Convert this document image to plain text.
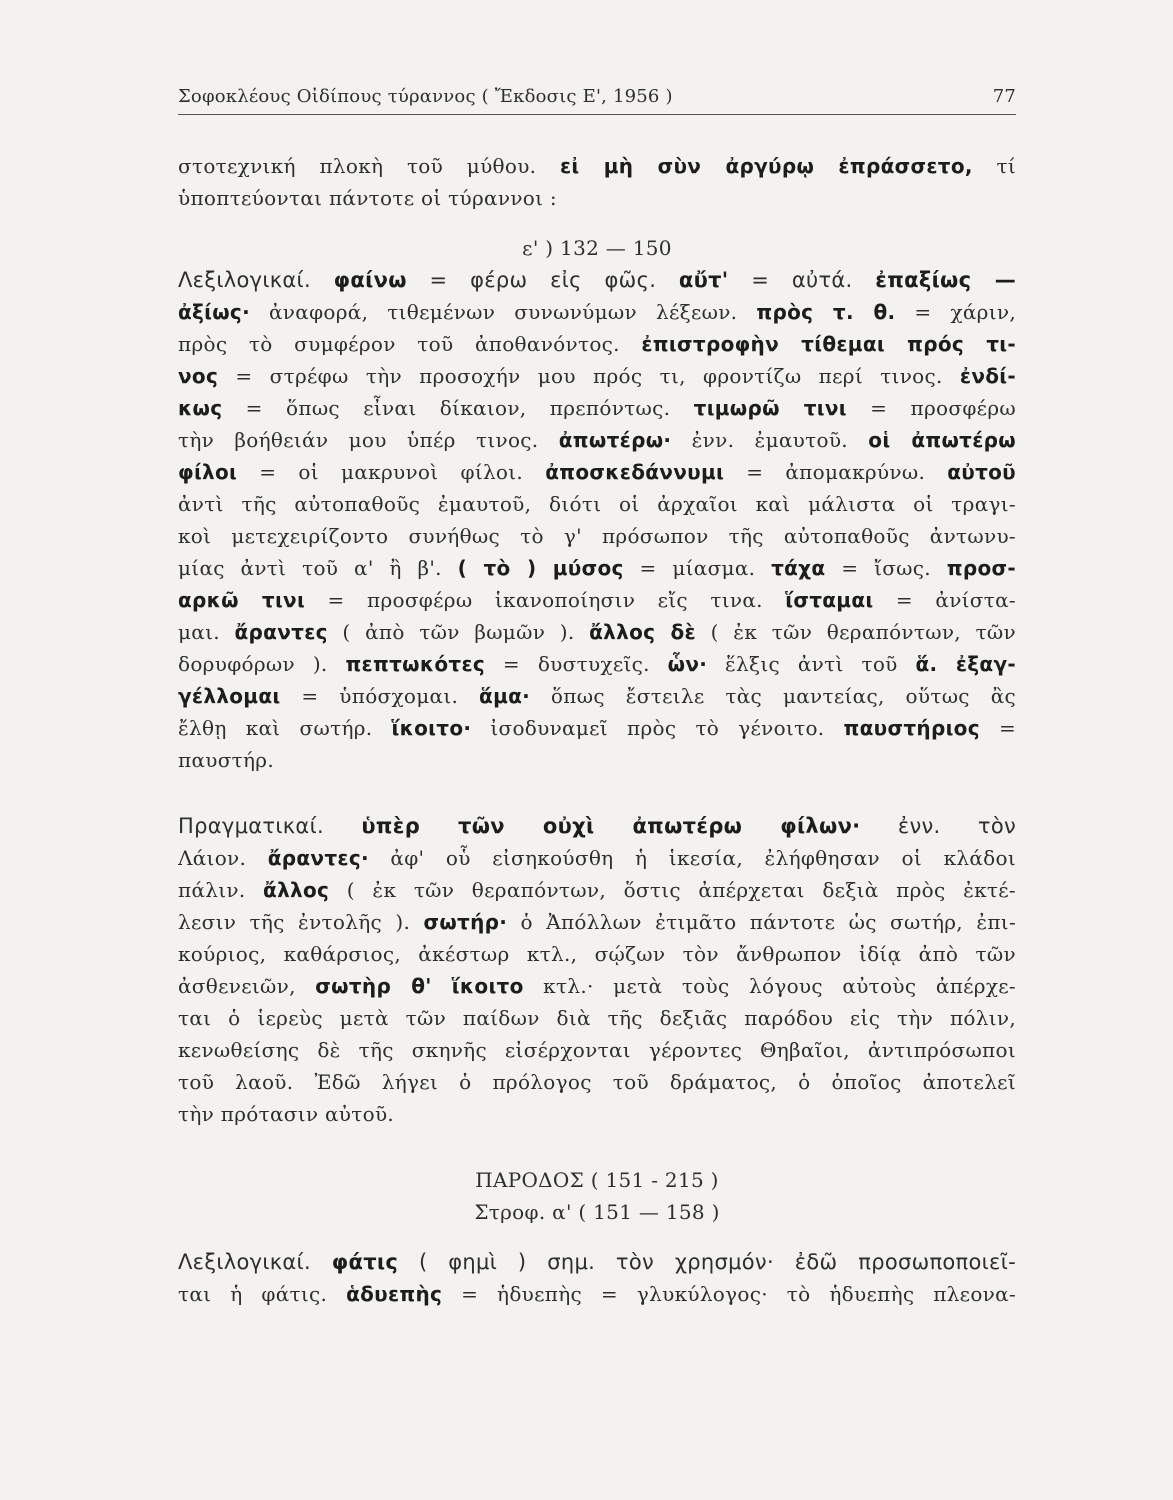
Σοφοκλέους Οἰδίπους τύραννος ( Ἔκδοσις Ε', 1956 )	77
στοτεχνική πλοκὴ τοῦ μύθου. εἰ μὴ σὺν ἀργύρῳ ἐπράσσετο, τί
ὑποπτεύονται πάντοτε οἱ τύραννοι :
ε' ) 132 — 150
Λεξιλογικαί. φαίνω = φέρω εἰς φῶς. αὔτ' = αὐτά. ἐπαξίως —
ἀξίως· ἀναφορά, τιθεμένων συνωνύμων λέξεων. πρὸς τ. θ. = χάριν,
πρὸς τὸ συμφέρον τοῦ ἀποθανόντος. ἐπιστροφὴν τίθεμαι πρός τι-
νος = στρέφω τὴν προσοχήν μου πρός τι, φροντίζω περί τινος. ἐνδί-
κως = ὅπως εἶναι δίκαιον, πρεπόντως. τιμωρῶ τινι = προσφέρω
τὴν βοήθειάν μου ὑπέρ τινος. ἀπωτέρω· ἐνν. ἐμαυτοῦ. οἱ ἀπωτέρω
φίλοι = οἱ μακρυνοὶ φίλοι. ἀποσκεδάννυμι = ἀπομακρύνω. αὐτοῦ
ἀντὶ τῆς αὐτοπαθοῦς ἐμαυτοῦ, διότι οἱ ἀρχαῖοι καὶ μάλιστα οἱ τραγι-
κοὶ μετεχειρίζοντο συνήθως τὸ γ' πρόσωπον τῆς αὐτοπαθοῦς ἀντωνυ-
μίας ἀντὶ τοῦ α' ἢ β'. ( τὸ ) μύσος = μίασμα. τάχα = ἴσως. προσ-
αρκῶ τινι = προσφέρω ἱκανοποίησιν εἴς τινα. ἵσταμαι = ἀνίστα-
μαι. ἄραντες ( ἀπὸ τῶν βωμῶν ). ἄλλος δὲ ( ἐκ τῶν θεραπόντων, τῶν
δορυφόρων ). πεπτωκότες = δυστυχεῖς. ὧν· ἕλξις ἀντὶ τοῦ ἅ. ἐξαγ-
γέλλομαι = ὑπόσχομαι. ἅμα· ὅπως ἔστειλε τὰς μαντείας, οὕτως ἂς
ἔλθῃ καὶ σωτήρ. ἵκοιτο· ἰσοδυναμεῖ πρὸς τὸ γένοιτο. παυστήριος =
παυστήρ.
Πραγματικαί. ὑπὲρ τῶν οὐχὶ ἀπωτέρω φίλων· ἐνν. τὸν
Λάιον. ἄραντες· ἀφ' οὗ εἰσηκούσθη ἡ ἱκεσία, ἐλήφθησαν οἱ κλάδοι
πάλιν. ἄλλος ( ἐκ τῶν θεραπόντων, ὅστις ἀπέρχεται δεξιὰ πρὸς ἐκτέ-
λεσιν τῆς ἐντολῆς ). σωτήρ· ὁ Ἀπόλλων ἐτιμᾶτο πάντοτε ὡς σωτήρ, ἐπι-
κούριος, καθάρσιος, ἀκέστωρ κτλ., σῴζων τὸν ἄνθρωπον ἰδίᾳ ἀπὸ τῶν
ἀσθενειῶν, σωτὴρ θ' ἵκοιτο κτλ.· μετὰ τοὺς λόγους αὐτοὺς ἀπέρχε-
ται ὁ ἱερεὺς μετὰ τῶν παίδων διὰ τῆς δεξιᾶς παρόδου εἰς τὴν πόλιν,
κενωθείσης δὲ τῆς σκηνῆς εἰσέρχονται γέροντες Θηβαῖοι, ἀντιπρόσωποι
τοῦ λαοῦ. Ἐδῶ λήγει ὁ πρόλογος τοῦ δράματος, ὁ ὁποῖος ἀποτελεῖ
τὴν πρότασιν αὐτοῦ.
ΠΑΡΟΔΟΣ ( 151 - 215 )
Στροφ. α' ( 151 — 158 )
Λεξιλογικαί. φάτις ( φημὶ ) σημ. τὸν χρησμόν· ἐδῶ προσωποποιεῖ-
ται ἡ φάτις. ἁδυεπὴς = ἡδυεπὴς = γλυκύλογος· τὸ ἡδυεπὴς πλεονα-
